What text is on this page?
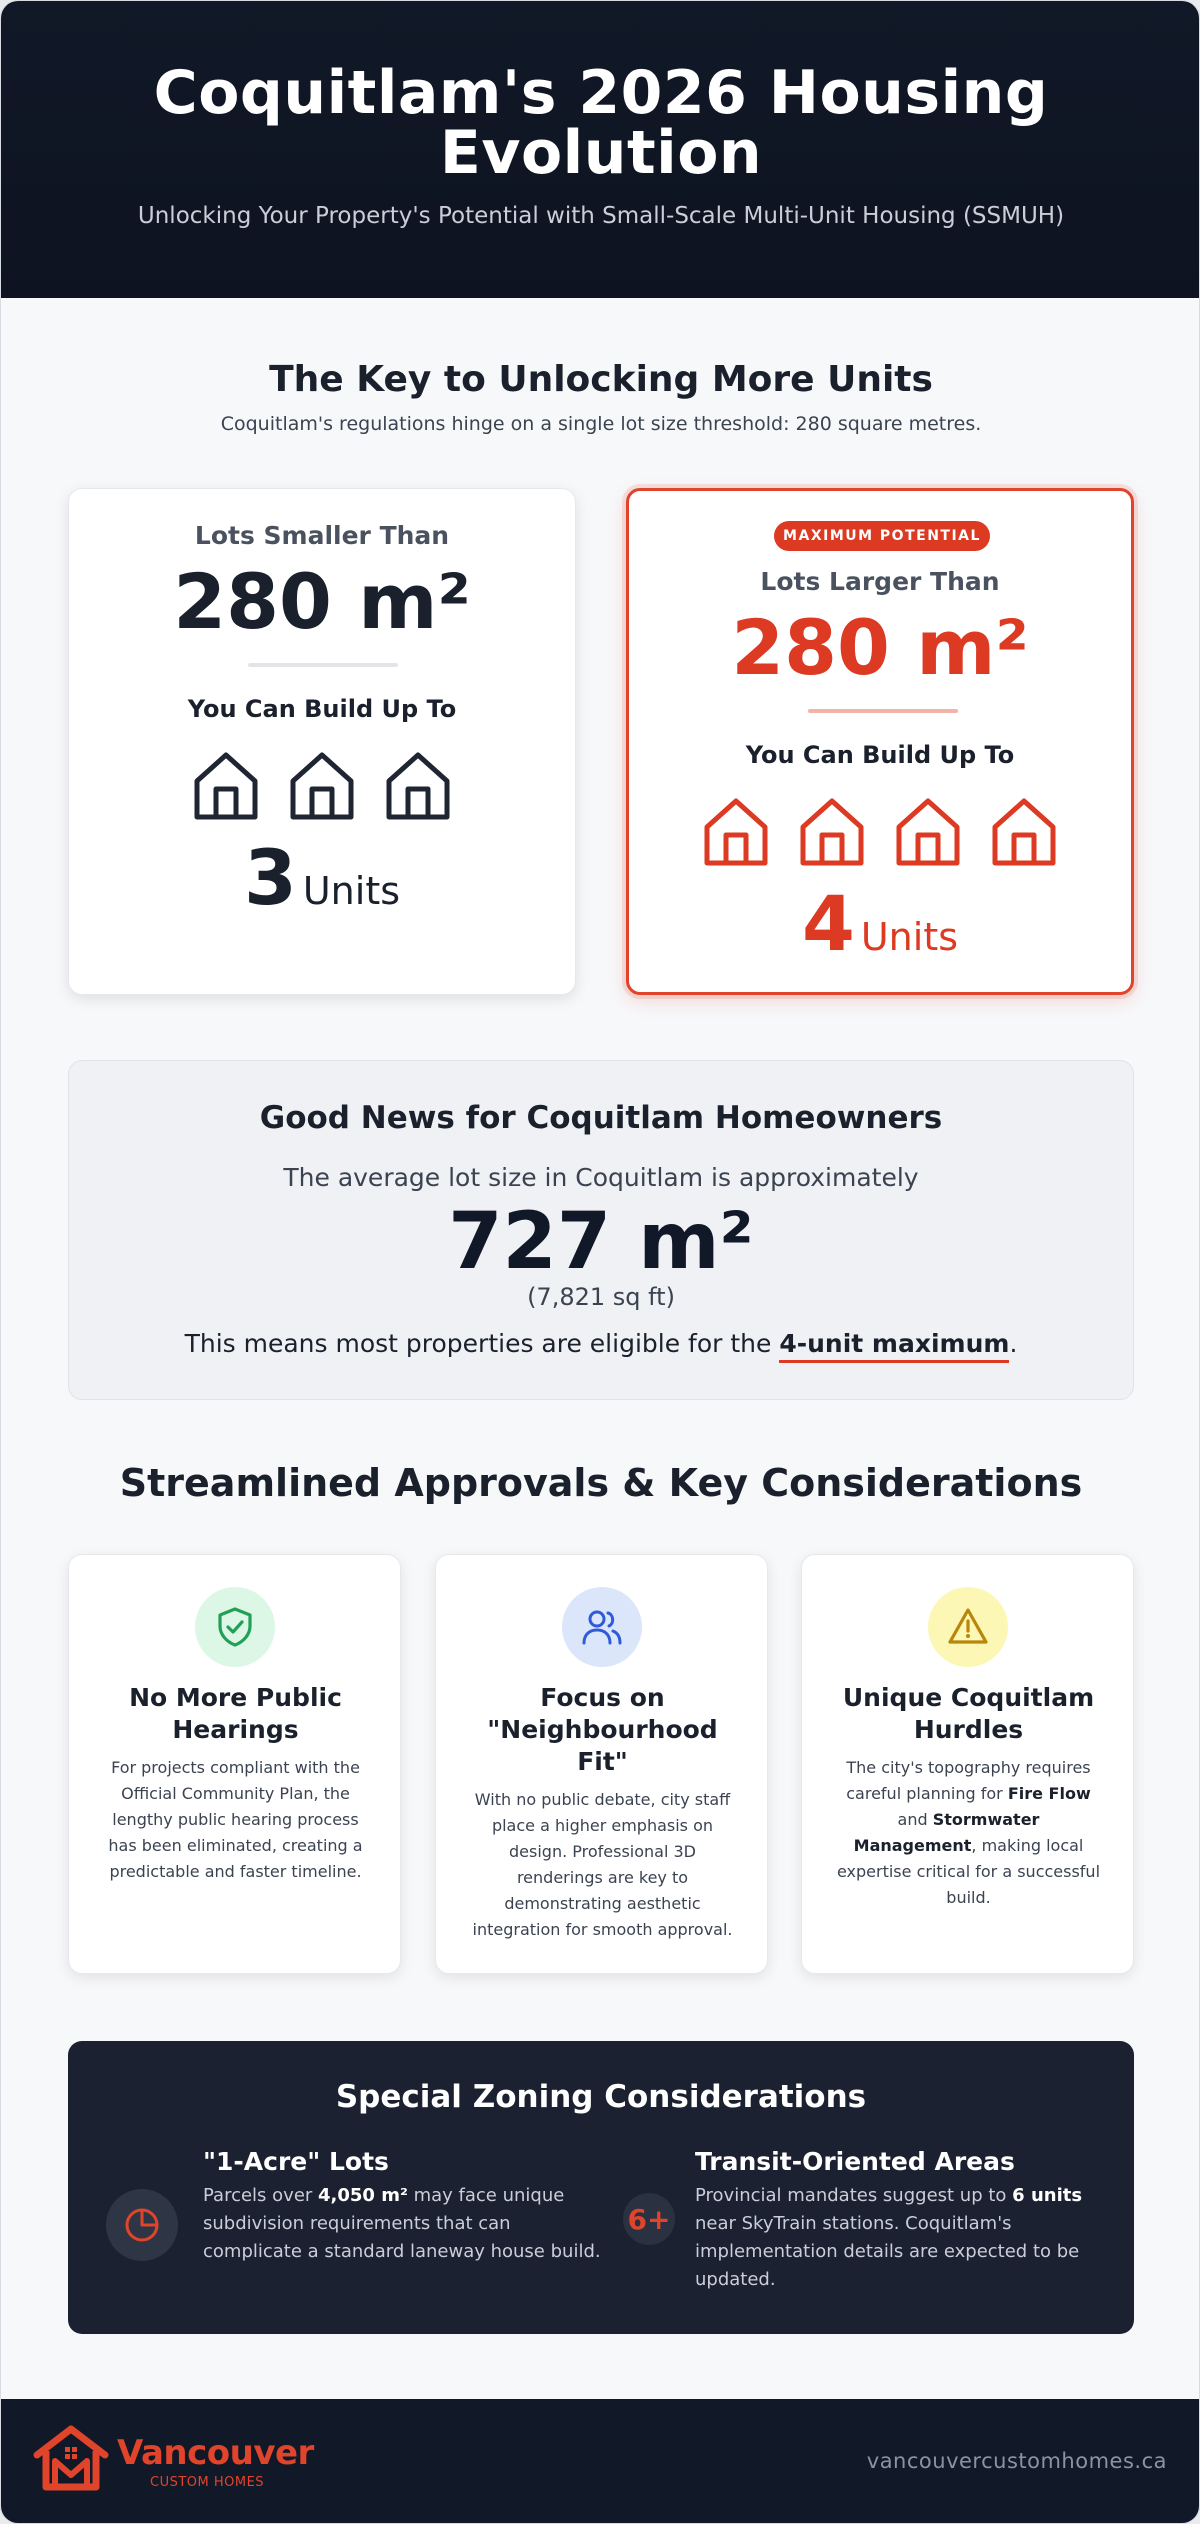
Coquitlam's 2026 Housing Evolution
Unlocking Your Property's Potential with Small-Scale Multi-Unit Housing (SSMUH)
The Key to Unlocking More Units
Coquitlam's regulations hinge on a single lot size threshold: 280 square metres.
Lots Smaller Than
280 m²
You Can Build Up To
3 Units
MAXIMUM POTENTIAL
Lots Larger Than
280 m²
You Can Build Up To
4 Units
Good News for Coquitlam Homeowners
The average lot size in Coquitlam is approximately
727 m²
(7,821 sq ft)
This means most properties are eligible for the 4-unit maximum.
Streamlined Approvals & Key Considerations
No More Public Hearings
For projects compliant with the Official Community Plan, the lengthy public hearing process has been eliminated, creating a predictable and faster timeline.
Focus on "Neighbourhood Fit"
With no public debate, city staff place a higher emphasis on design. Professional 3D renderings are key to demonstrating aesthetic integration for smooth approval.
Unique Coquitlam Hurdles
The city's topography requires careful planning for Fire Flow and Stormwater Management, making local expertise critical for a successful build.
Special Zoning Considerations
"1-Acre" Lots
Parcels over 4,050 m² may face unique subdivision requirements that can complicate a standard laneway house build.
6+
Transit-Oriented Areas
Provincial mandates suggest up to 6 units near SkyTrain stations. Coquitlam's implementation details are expected to be updated.
Vancouver
CUSTOM HOMES
vancouvercustomhomes.ca
